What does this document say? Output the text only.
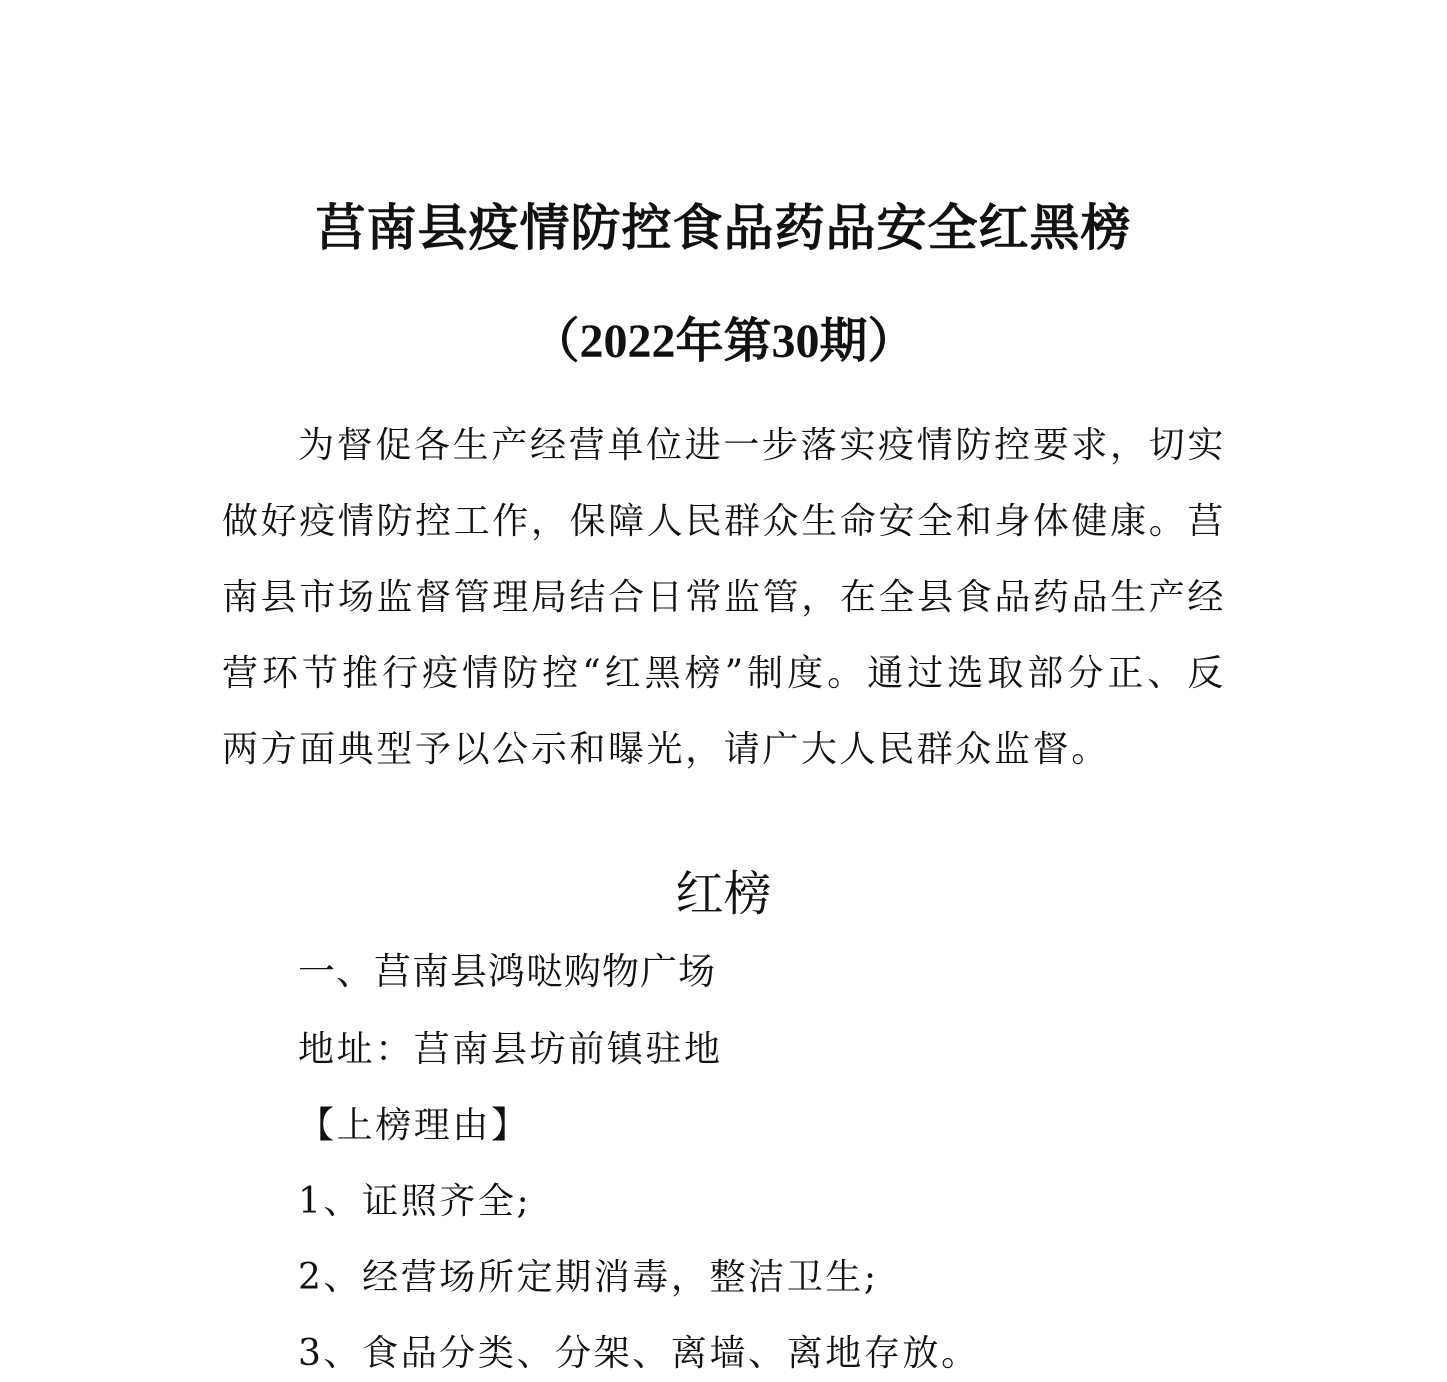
莒南县疫情防控食品药品安全红黑榜
（2022年第30期）

为督促各生产经营单位进一步落实疫情防控要求，切实做好疫情防控工作，保障人民群众生命安全和身体健康。莒南县市场监督管理局结合日常监管，在全县食品药品生产经营环节推行疫情防控“红黑榜”制度。通过选取部分正、反两方面典型予以公示和曝光，请广大人民群众监督。

红榜
一、莒南县鸿哒购物广场
地址：莒南县坊前镇驻地
【上榜理由】
1、证照齐全;
2、经营场所定期消毒，整洁卫生;
3、食品分类、分架、离墙、离地存放。
